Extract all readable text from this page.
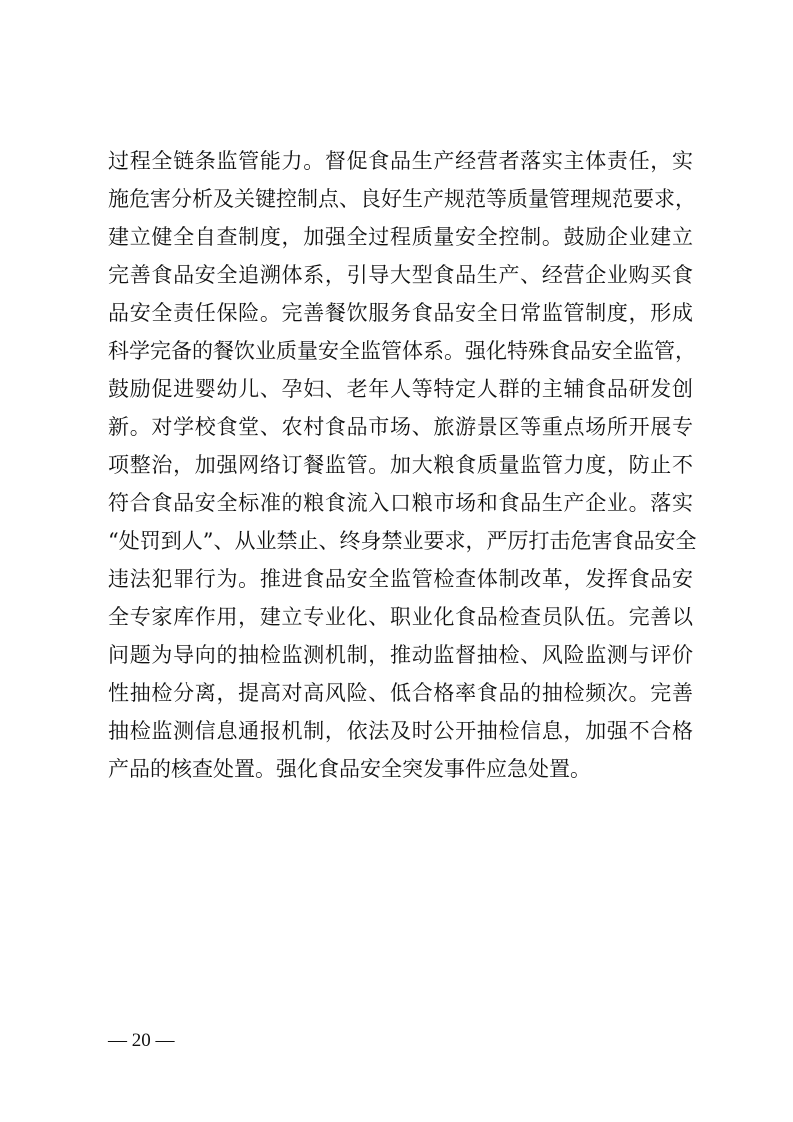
过程全链条监管能力。督促食品生产经营者落实主体责任，实
施危害分析及关键控制点、良好生产规范等质量管理规范要求，
建立健全自查制度，加强全过程质量安全控制。鼓励企业建立
完善食品安全追溯体系，引导大型食品生产、经营企业购买食
品安全责任保险。完善餐饮服务食品安全日常监管制度，形成
科学完备的餐饮业质量安全监管体系。强化特殊食品安全监管，
鼓励促进婴幼儿、孕妇、老年人等特定人群的主辅食品研发创
新。对学校食堂、农村食品市场、旅游景区等重点场所开展专
项整治，加强网络订餐监管。加大粮食质量监管力度，防止不
符合食品安全标准的粮食流入口粮市场和食品生产企业。落实
“处罚到人”、从业禁止、终身禁业要求，严厉打击危害食品安全
违法犯罪行为。推进食品安全监管检查体制改革，发挥食品安
全专家库作用，建立专业化、职业化食品检查员队伍。完善以
问题为导向的抽检监测机制，推动监督抽检、风险监测与评价
性抽检分离，提高对高风险、低合格率食品的抽检频次。完善
抽检监测信息通报机制，依法及时公开抽检信息，加强不合格
产品的核查处置。强化食品安全突发事件应急处置。
— 20 —
